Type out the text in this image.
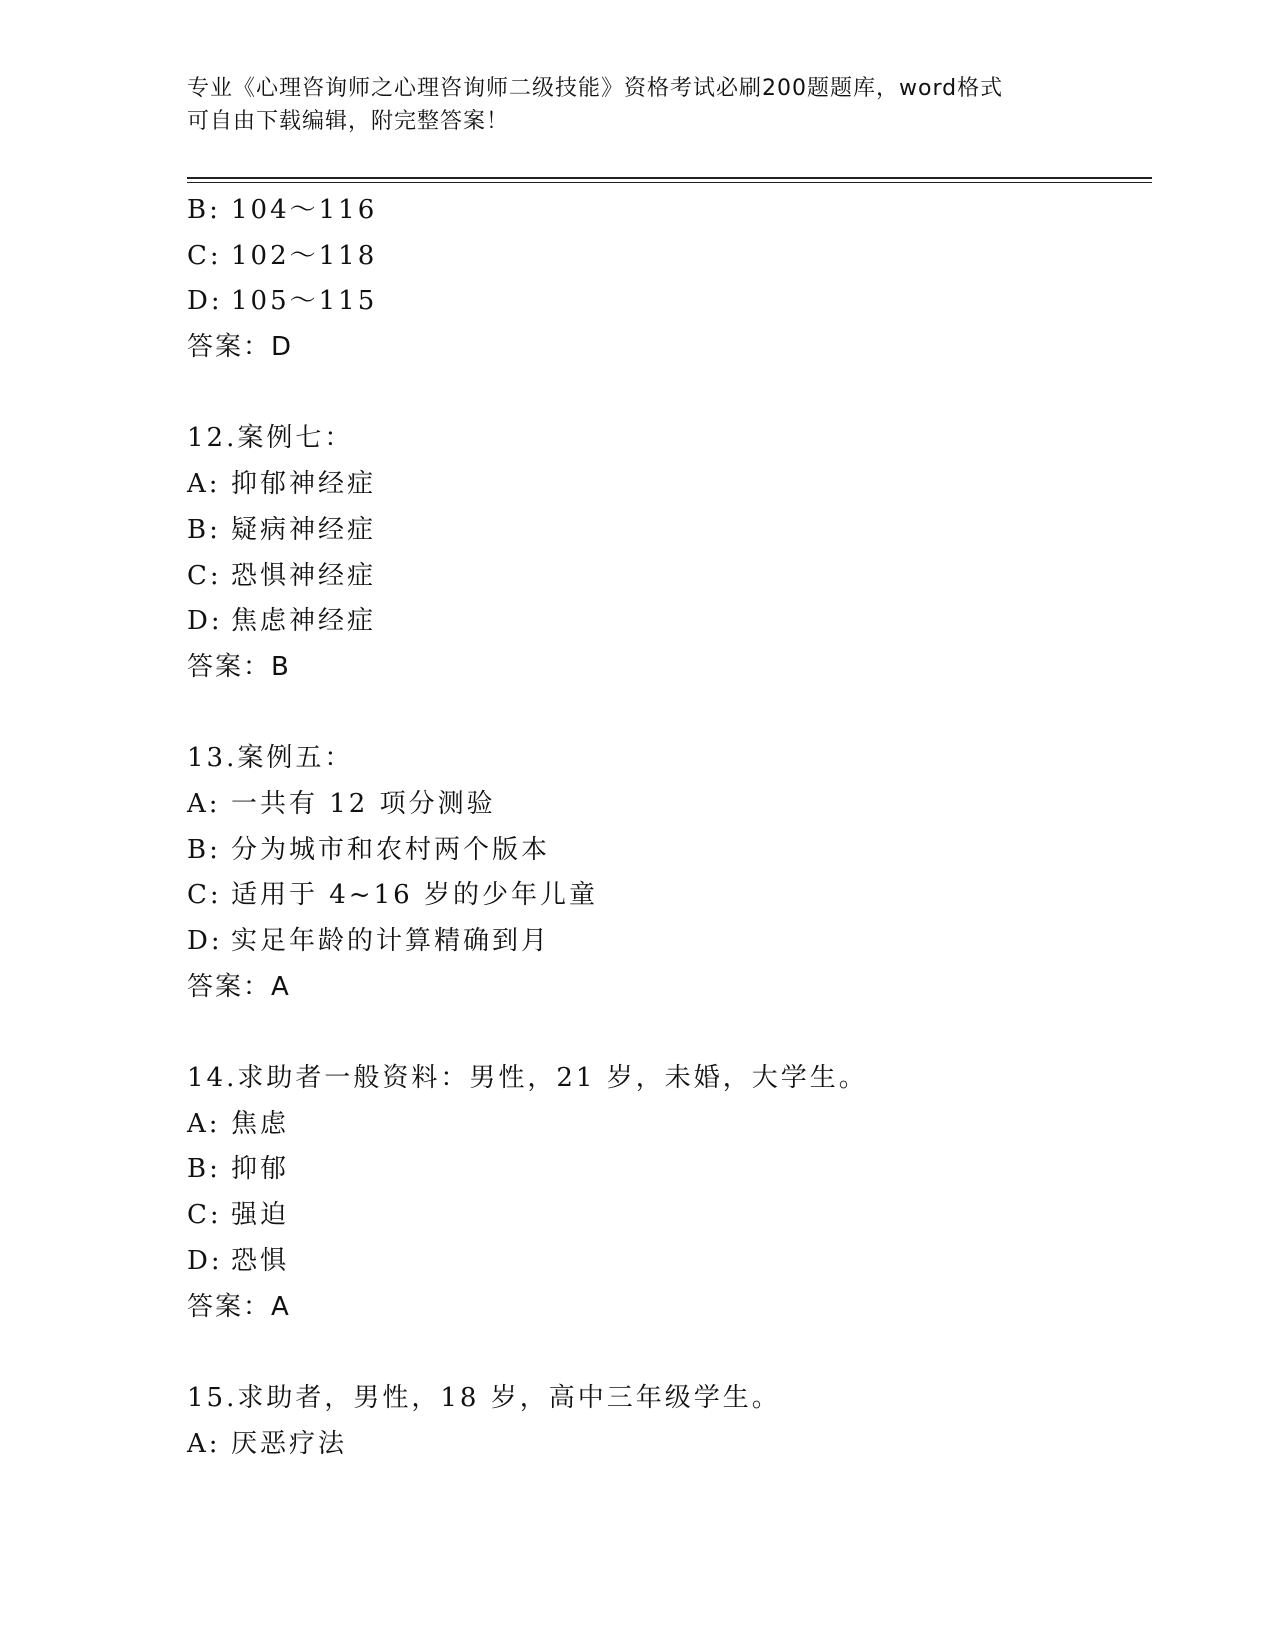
专业《心理咨询师之心理咨询师二级技能》资格考试必刷200题题库，word格式
可自由下载编辑，附完整答案！
B: 104～116
C: 102～118
D: 105～115
答案：D
12.案例七：
A: 抑郁神经症
B: 疑病神经症
C: 恐惧神经症
D: 焦虑神经症
答案：B
13.案例五：
A: 一共有 12 项分测验
B: 分为城市和农村两个版本
C: 适用于 4~16 岁的少年儿童
D: 实足年龄的计算精确到月
答案：A
14.求助者一般资料：男性，21 岁，未婚，大学生。
A: 焦虑
B: 抑郁
C: 强迫
D: 恐惧
答案：A
15.求助者，男性，18 岁，高中三年级学生。
A: 厌恶疗法
